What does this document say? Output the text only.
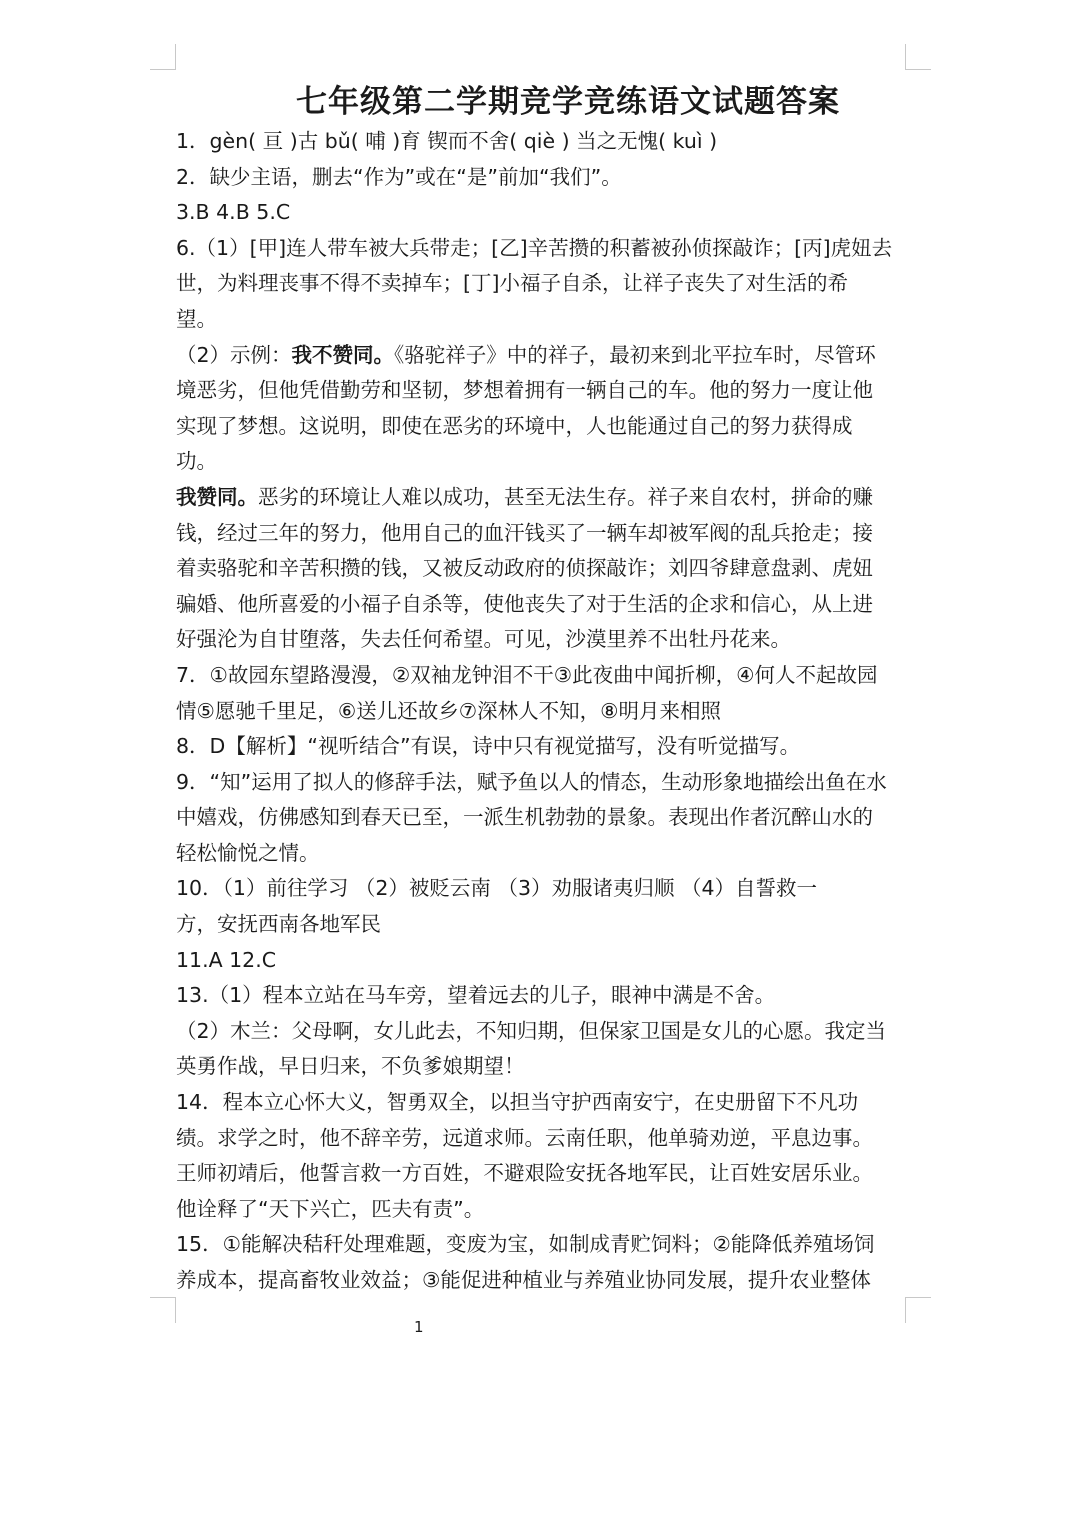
七年级第二学期竞学竞练语文试题答案
1．gèn( 亘 )古 bǔ( 哺 )育 锲而不舍( qiè ) 当之无愧( kuì )
2．缺少主语，删去“作为”或在“是”前加“我们”。
3.B 4.B 5.C
6.（1）[甲]连人带车被大兵带走；[乙]辛苦攒的积蓄被孙侦探敲诈；[丙]虎妞去
世，为料理丧事不得不卖掉车；[丁]小福子自杀，让祥子丧失了对生活的希
望。
（2）示例：我不赞同。《骆驼祥子》中的祥子，最初来到北平拉车时，尽管环
境恶劣，但他凭借勤劳和坚韧，梦想着拥有一辆自己的车。他的努力一度让他
实现了梦想。这说明，即使在恶劣的环境中，人也能通过自己的努力获得成
功。
我赞同。恶劣的环境让人难以成功，甚至无法生存。祥子来自农村，拼命的赚
钱，经过三年的努力，他用自己的血汗钱买了一辆车却被军阀的乱兵抢走；接
着卖骆驼和辛苦积攒的钱，又被反动政府的侦探敲诈；刘四爷肆意盘剥、虎妞
骗婚、他所喜爱的小福子自杀等，使他丧失了对于生活的企求和信心，从上进
好强沦为自甘堕落，失去任何希望。可见，沙漠里养不出牡丹花来。
7．①故园东望路漫漫，②双袖龙钟泪不干③此夜曲中闻折柳，④何人不起故园
情⑤愿驰千里足，⑥送儿还故乡⑦深林人不知，⑧明月来相照
8．D【解析】“视听结合”有误，诗中只有视觉描写，没有听觉描写。
9．“知”运用了拟人的修辞手法，赋予鱼以人的情态，生动形象地描绘出鱼在水
中嬉戏，仿佛感知到春天已至，一派生机勃勃的景象。表现出作者沉醉山水的
轻松愉悦之情。
10．（1）前往学习 （2）被贬云南 （3）劝服诸夷归顺 （4）自誓救一
方，安抚西南各地军民
11.A 12.C
13.（1）程本立站在马车旁，望着远去的儿子，眼神中满是不舍。
（2）木兰：父母啊，女儿此去，不知归期，但保家卫国是女儿的心愿。我定当
英勇作战，早日归来，不负爹娘期望！
14．程本立心怀大义，智勇双全，以担当守护西南安宁，在史册留下不凡功
绩。求学之时，他不辞辛劳，远道求师。云南任职，他单骑劝逆，平息边事。
王师初靖后，他誓言救一方百姓，不避艰险安抚各地军民，让百姓安居乐业。
他诠释了“天下兴亡，匹夫有责”。
15．①能解决秸秆处理难题，变废为宝，如制成青贮饲料；②能降低养殖场饲
养成本，提高畜牧业效益；③能促进种植业与养殖业协同发展，提升农业整体
1
